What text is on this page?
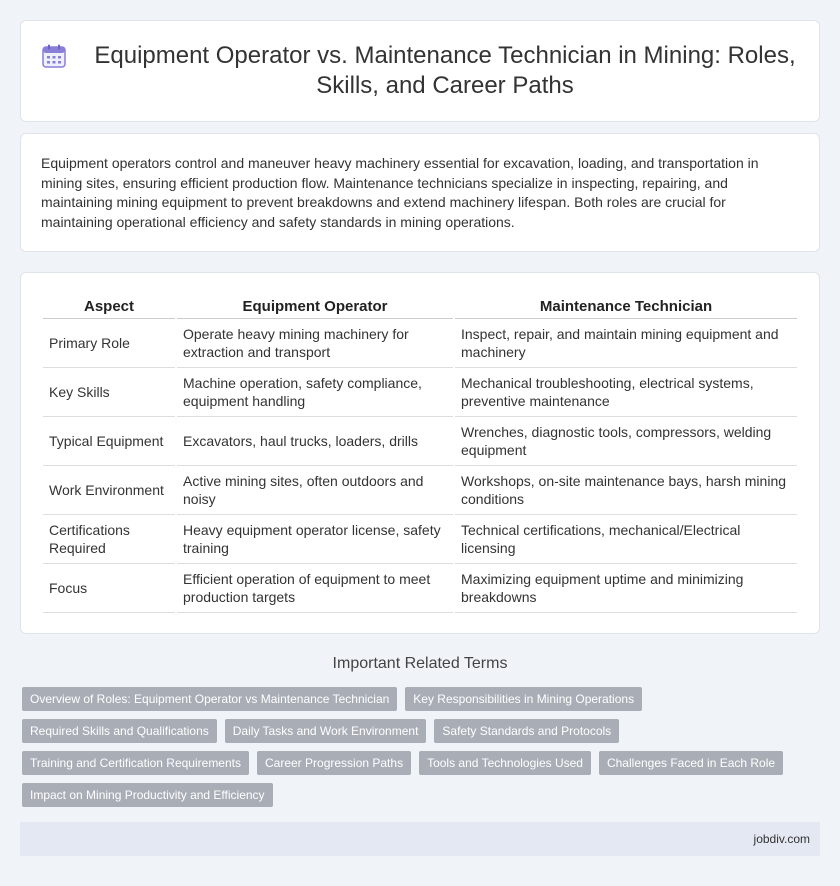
Equipment Operator vs. Maintenance Technician in Mining: Roles, Skills, and Career Paths

Equipment operators control and maneuver heavy machinery essential for excavation, loading, and transportation in mining sites, ensuring efficient production flow. Maintenance technicians specialize in inspecting, repairing, and maintaining mining equipment to prevent breakdowns and extend machinery lifespan. Both roles are crucial for maintaining operational efficiency and safety standards in mining operations.

Aspect	Equipment Operator	Maintenance Technician
Primary Role	Operate heavy mining machinery for extraction and transport	Inspect, repair, and maintain mining equipment and machinery
Key Skills	Machine operation, safety compliance, equipment handling	Mechanical troubleshooting, electrical systems, preventive maintenance
Typical Equipment	Excavators, haul trucks, loaders, drills	Wrenches, diagnostic tools, compressors, welding equipment
Work Environment	Active mining sites, often outdoors and noisy	Workshops, on-site maintenance bays, harsh mining conditions
Certifications Required	Heavy equipment operator license, safety training	Technical certifications, mechanical/Electrical licensing
Focus	Efficient operation of equipment to meet production targets	Maximizing equipment uptime and minimizing breakdowns
Important Related Terms
Overview of Roles: Equipment Operator vs Maintenance Technician	Key Responsibilities in Mining Operations
Required Skills and Qualifications	Daily Tasks and Work Environment	Safety Standards and Protocols
Training and Certification Requirements	Career Progression Paths	Tools and Technologies Used	Challenges Faced in Each Role
Impact on Mining Productivity and Efficiency
jobdiv.com
